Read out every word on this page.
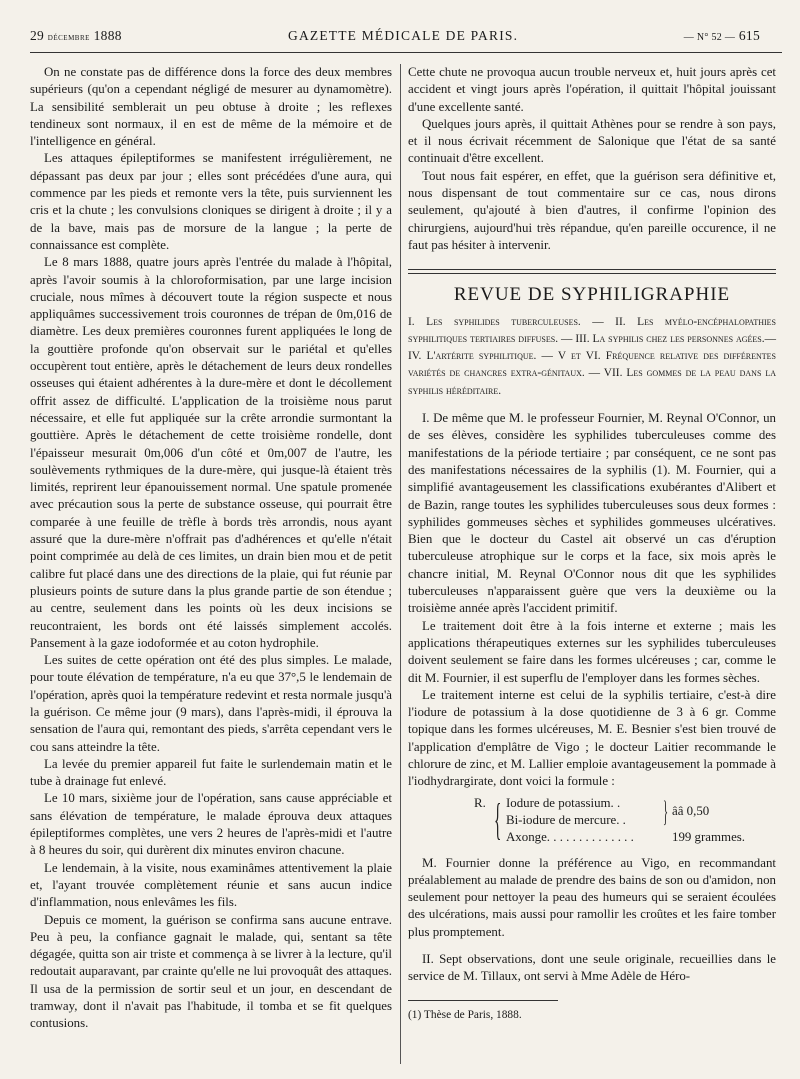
29 décembre 1888	GAZETTE MÉDICALE DE PARIS.	— N° 52 — 615

On ne constate pas de différence dons la force des deux membres supérieurs (qu'on a cependant négligé de mesurer au dynamomètre). La sensibilité semblerait un peu obtuse à droite ; les reflexes tendineux sont normaux, il en est de même de la mémoire et de l'intelligence en général.

Les attaques épileptiformes se manifestent irrégulièrement, ne dépassant pas deux par jour ; elles sont précédées d'une aura, qui commence par les pieds et remonte vers la tête, puis surviennent les cris et la chute ; les convulsions cloniques se dirigent à droite ; il y a de la bave, mais pas de morsure de la langue ; la perte de connaissance est complète.

Le 8 mars 1888, quatre jours après l'entrée du malade à l'hôpital, après l'avoir soumis à la chloroformisation, par une large incision cruciale, nous mîmes à découvert toute la région suspecte et nous appliquâmes successivement trois couronnes de trépan de 0m,016 de diamètre. Les deux premières couronnes furent appliquées le long de la gouttière profonde qu'on observait sur le pariétal et qu'elles occupèrent tout entière, après le détachement de leurs deux rondelles osseuses qui étaient adhérentes à la dure-mère et dont le décollement offrit assez de difficulté. L'application de la troisième nous parut nécessaire, et elle fut appliquée sur la crête arrondie surmontant la gouttière. Après le détachement de cette troisième rondelle, dont l'épaisseur mesurait 0m,006 d'un côté et 0m,007 de l'autre, les soulèvements rythmiques de la dure-mère, qui jusque-là étaient très limités, reprirent leur épanouissement normal. Une spatule promenée avec précaution sous la perte de substance osseuse, qui pourrait être comparée à une feuille de trèfle à bords très arrondis, nous ayant assuré que la dure-mère n'offrait pas d'adhérences et qu'elle n'était point comprimée au delà de ces limites, un drain bien mou et de petit calibre fut placé dans une des directions de la plaie, qui fut réunie par plusieurs points de suture dans la plus grande partie de son étendue ; au centre, seulement dans les points où les deux incisions se reucontraient, les bords ont été laissés simplement accolés. Pansement à la gaze iodoformée et au coton hydrophile.

Les suites de cette opération ont été des plus simples. Le malade, pour toute élévation de température, n'a eu que 37°,5 le lendemain de l'opération, après quoi la température redevint et resta normale jusqu'à la guérison. Ce même jour (9 mars), dans l'après-midi, il éprouva la sensation de l'aura qui, remontant des pieds, s'arrêta cependant vers le cou sans atteindre la tête.

La levée du premier appareil fut faite le surlendemain matin et le tube à drainage fut enlevé.

Le 10 mars, sixième jour de l'opération, sans cause appréciable et sans élévation de température, le malade éprouva deux attaques épileptiformes complètes, une vers 2 heures de l'après-midi et l'autre à 8 heures du soir, qui durèrent dix minutes environ chacune.

Le lendemain, à la visite, nous examinâmes attentivement la plaie et, l'ayant trouvée complètement réunie et sans aucun indice d'inflammation, nous enlevâmes les fils.

Depuis ce moment, la guérison se confirma sans aucune entrave. Peu à peu, la confiance gagnait le malade, qui, sentant sa tête dégagée, quitta son air triste et commença à se livrer à la lecture, qu'il redoutait auparavant, par crainte qu'elle ne lui provoquât des attaques. Il usa de la permission de sortir seul et un jour, en descendant de tramway, dont il n'avait pas l'habitude, il tomba et se fit quelques contusions.

Cette chute ne provoqua aucun trouble nerveux et, huit jours après cet accident et vingt jours après l'opération, il quittait l'hôpital jouissant d'une excellente santé.

Quelques jours après, il quittait Athènes pour se rendre à son pays, et il nous écrivait récemment de Salonique que l'état de sa santé continuait d'être excellent.

Tout nous fait espérer, en effet, que la guérison sera définitive et, nous dispensant de tout commentaire sur ce cas, nous dirons seulement, qu'ajouté à bien d'autres, il confirme l'opinion des chirurgiens, aujourd'hui très répandue, qu'en pareille occurence, il ne faut pas hésiter à intervenir.

REVUE DE SYPHILIGRAPHIE
I. Les syphilides tuberculeuses. — II. Les myélo-encéphalopathies syphilitiques tertiaires diffuses. — III. La syphilis chez les personnes agées.—IV. L'artérite syphilitique. — V et VI. Fréquence relative des différentes variétés de chancres extra-génitaux. — VII. Les gommes de la peau dans la syphilis héréditaire.

I. De même que M. le professeur Fournier, M. Reynal O'Connor, un de ses élèves, considère les syphilides tuberculeuses comme des manifestations de la période tertiaire ; par conséquent, ce ne sont pas des manifestations nécessaires de la syphilis (1). M. Fournier, qui a simplifié avantageusement les classifications exubérantes d'Alibert et de Bazin, range toutes les syphilides tuberculeuses sous deux formes : syphilides gommeuses sèches et syphilides gommeuses ulcératives. Bien que le docteur du Castel ait observé un cas d'éruption tuberculeuse atrophique sur le corps et la face, six mois après le chancre initial, M. Reynal O'Connor nous dit que les syphilides tuberculeuses n'apparaissent guère que vers la deuxième ou la troisième année après l'accident primitif.

Le traitement doit être à la fois interne et externe ; mais les applications thérapeutiques externes sur les syphilides tuberculeuses doivent seulement se faire dans les formes ulcéreuses ; car, comme le dit M. Fournier, il est superflu de l'employer dans les formes sèches.

Le traitement interne est celui de la syphilis tertiaire, c'est-à dire l'iodure de potassium à la dose quotidienne de 3 à 6 gr. Comme topique dans les formes ulcéreuses, M. E. Besnier s'est bien trouvé de l'application d'emplâtre de Vigo ; le docteur Laitier recommande le chlorure de zinc, et M. Lallier emploie avantageusement la pommade à l'iodhydrargirate, dont voici la formule :

R. { Iodure de potassium. .
Bi-iodure de mercure. .
Axonge. . . . . . . . . . . . . .
} ââ 0,50
199 grammes.

M. Fournier donne la préférence au Vigo, en recommandant préalablement au malade de prendre des bains de son ou d'amidon, non seulement pour nettoyer la peau des humeurs qui se seraient écoulées des ulcérations, mais aussi pour ramollir les croûtes et les faire tomber plus promptement.

II. Sept observations, dont une seule originale, recueillies dans le service de M. Tillaux, ont servi à Mme Adèle de Héro-

(1) Thèse de Paris, 1888.
